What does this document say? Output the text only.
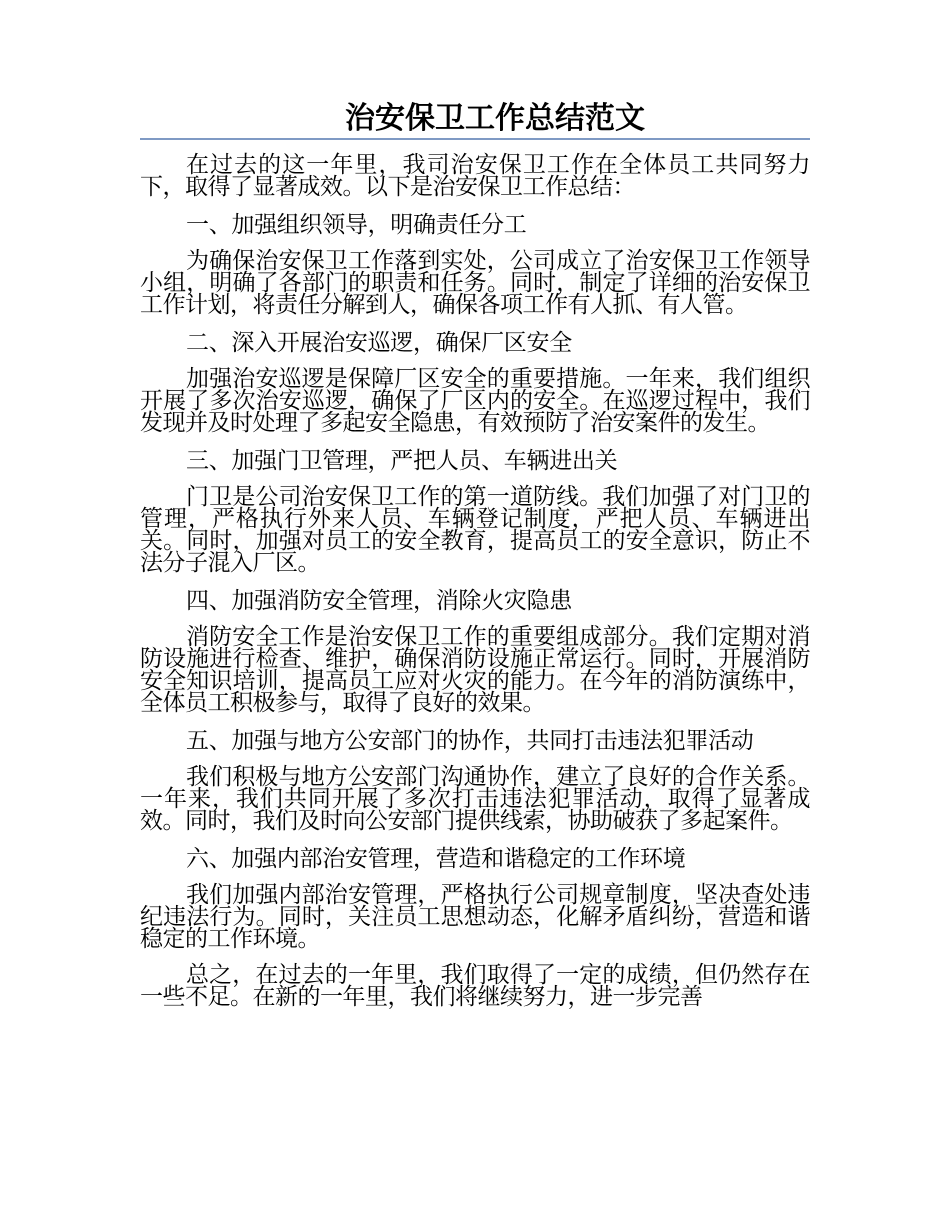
治安保卫工作总结范文
在过去的这一年里，我司治安保卫工作在全体员工共同努力下，取得了显著成效。以下是治安保卫工作总结：
一、加强组织领导，明确责任分工
为确保治安保卫工作落到实处，公司成立了治安保卫工作领导小组，明确了各部门的职责和任务。同时，制定了详细的治安保卫工作计划，将责任分解到人，确保各项工作有人抓、有人管。
二、深入开展治安巡逻，确保厂区安全
加强治安巡逻是保障厂区安全的重要措施。一年来，我们组织开展了多次治安巡逻，确保了厂区内的安全。在巡逻过程中，我们发现并及时处理了多起安全隐患，有效预防了治安案件的发生。
三、加强门卫管理，严把人员、车辆进出关
门卫是公司治安保卫工作的第一道防线。我们加强了对门卫的管理，严格执行外来人员、车辆登记制度，严把人员、车辆进出关。同时，加强对员工的安全教育，提高员工的安全意识，防止不法分子混入厂区。
四、加强消防安全管理，消除火灾隐患
消防安全工作是治安保卫工作的重要组成部分。我们定期对消防设施进行检查、维护，确保消防设施正常运行。同时，开展消防安全知识培训，提高员工应对火灾的能力。在今年的消防演练中，全体员工积极参与，取得了良好的效果。
五、加强与地方公安部门的协作，共同打击违法犯罪活动
我们积极与地方公安部门沟通协作，建立了良好的合作关系。一年来，我们共同开展了多次打击违法犯罪活动，取得了显著成效。同时，我们及时向公安部门提供线索，协助破获了多起案件。
六、加强内部治安管理，营造和谐稳定的工作环境
我们加强内部治安管理，严格执行公司规章制度，坚决查处违纪违法行为。同时，关注员工思想动态，化解矛盾纠纷，营造和谐稳定的工作环境。
总之，在过去的一年里，我们取得了一定的成绩，但仍然存在一些不足。在新的一年里，我们将继续努力，进一步完善
